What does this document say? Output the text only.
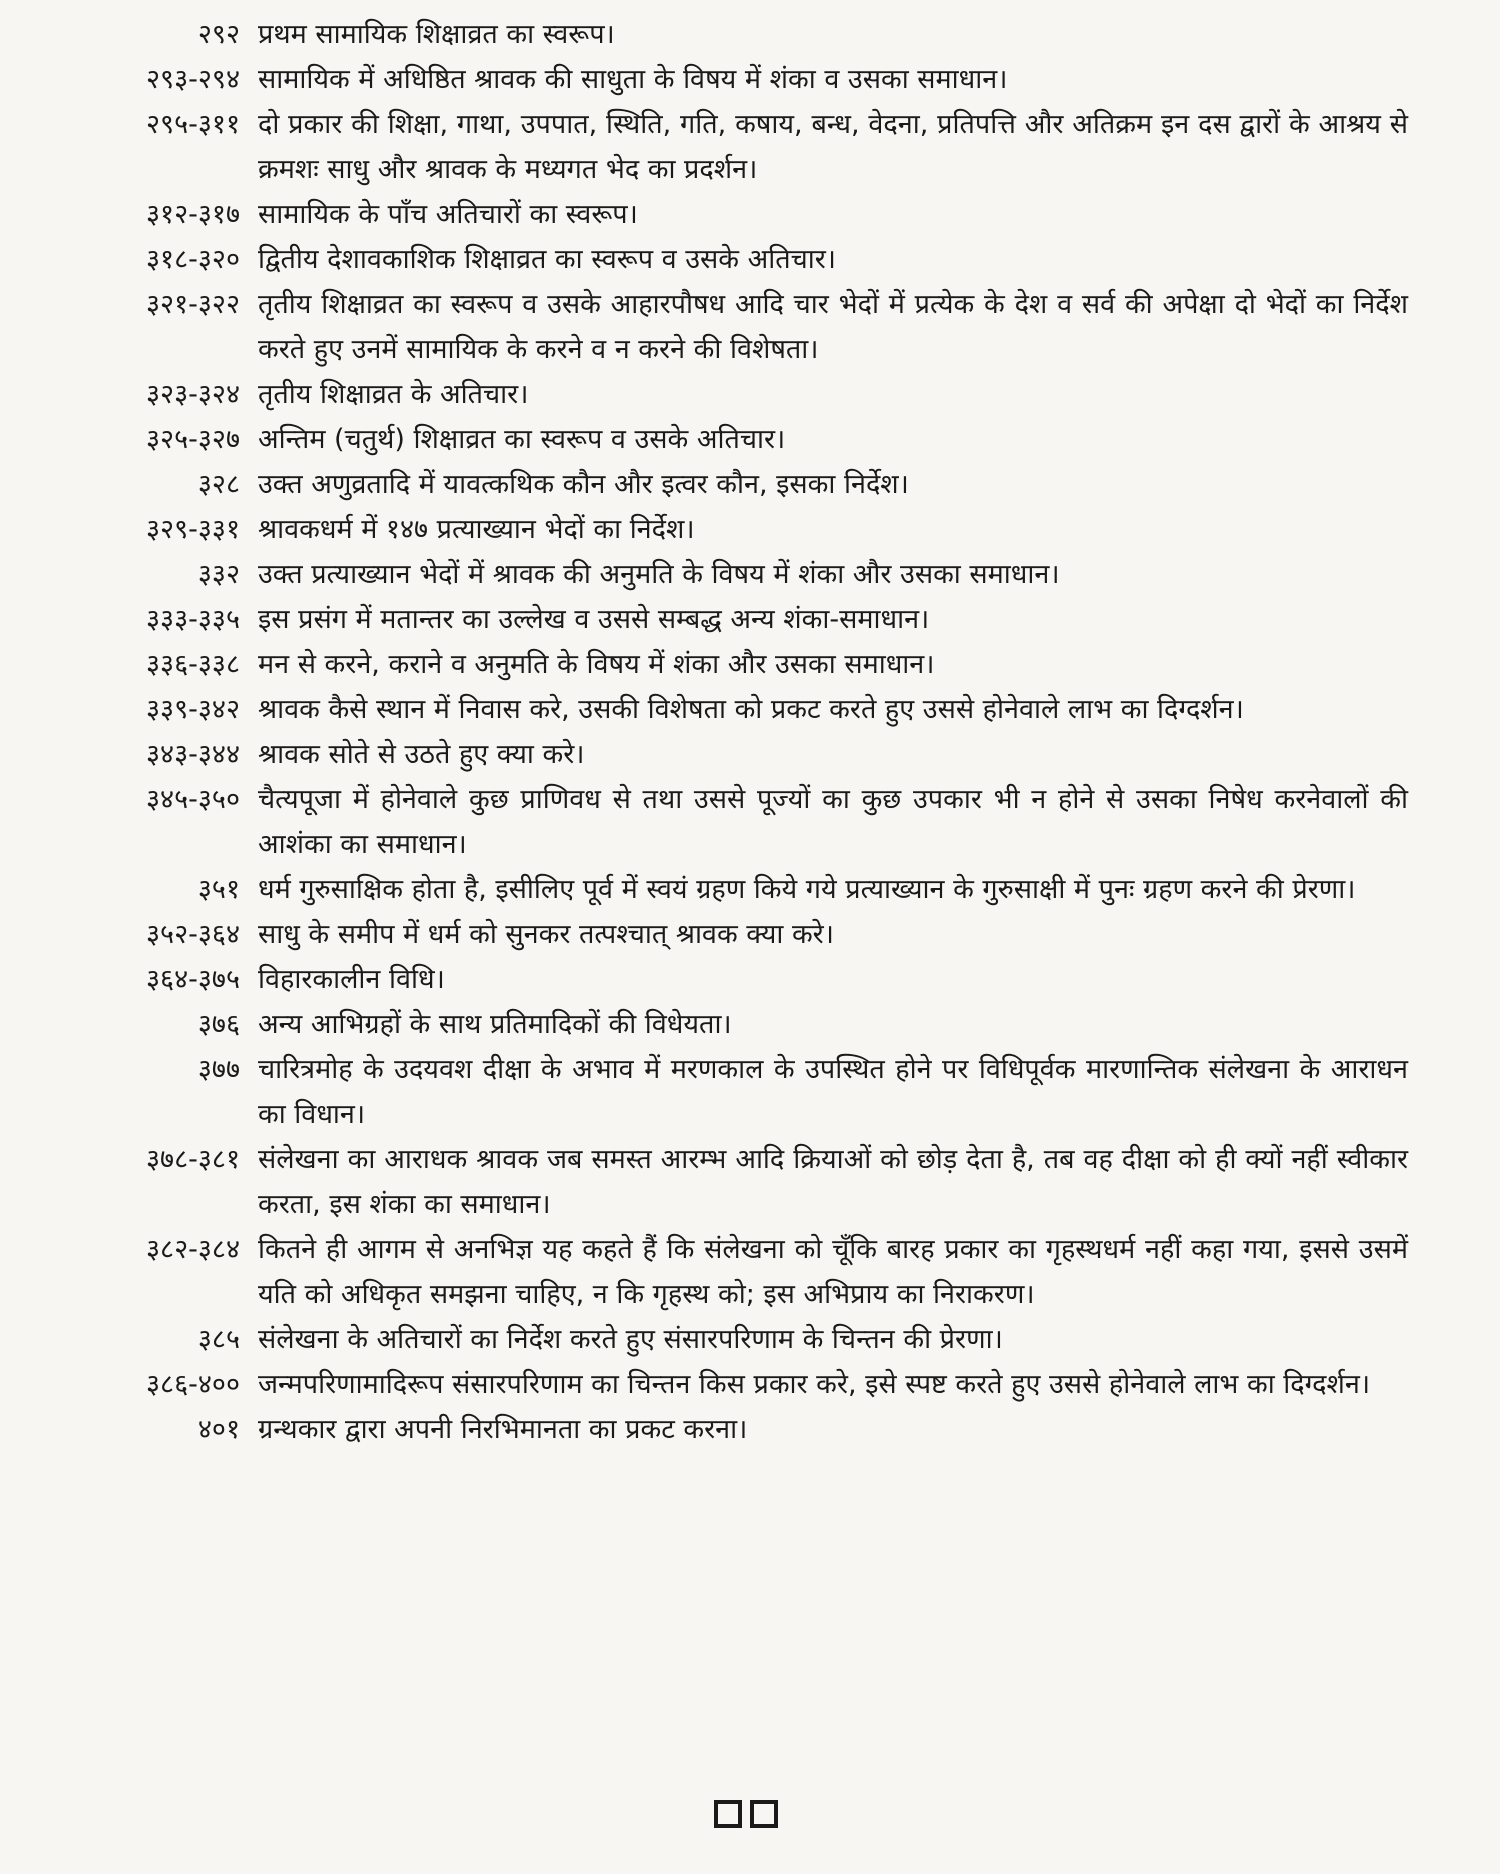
२९२ प्रथम सामायिक शिक्षाव्रत का स्वरूप।
२९३-२९४ सामायिक में अधिष्ठित श्रावक की साधुता के विषय में शंका व उसका समाधान।
२९५-३११ दो प्रकार की शिक्षा, गाथा, उपपात, स्थिति, गति, कषाय, बन्ध, वेदना, प्रतिपत्ति और अतिक्रम इन दस द्वारों के आश्रय से क्रमशः साधु और श्रावक के मध्यगत भेद का प्रदर्शन।
३१२-३१७ सामायिक के पाँच अतिचारों का स्वरूप।
३१८-३२० द्वितीय देशावकाशिक शिक्षाव्रत का स्वरूप व उसके अतिचार।
३२१-३२२ तृतीय शिक्षाव्रत का स्वरूप व उसके आहारपौषध आदि चार भेदों में प्रत्येक के देश व सर्व की अपेक्षा दो भेदों का निर्देश करते हुए उनमें सामायिक के करने व न करने की विशेषता।
३२३-३२४ तृतीय शिक्षाव्रत के अतिचार।
३२५-३२७ अन्तिम (चतुर्थ) शिक्षाव्रत का स्वरूप व उसके अतिचार।
३२८ उक्त अणुव्रतादि में यावत्कथिक कौन और इत्वर कौन, इसका निर्देश।
३२९-३३१ श्रावकधर्म में १४७ प्रत्याख्यान भेदों का निर्देश।
३३२ उक्त प्रत्याख्यान भेदों में श्रावक की अनुमति के विषय में शंका और उसका समाधान।
३३३-३३५ इस प्रसंग में मतान्तर का उल्लेख व उससे सम्बद्ध अन्य शंका-समाधान।
३३६-३३८ मन से करने, कराने व अनुमति के विषय में शंका और उसका समाधान।
३३९-३४२ श्रावक कैसे स्थान में निवास करे, उसकी विशेषता को प्रकट करते हुए उससे होनेवाले लाभ का दिग्दर्शन।
३४३-३४४ श्रावक सोते से उठते हुए क्या करे।
३४५-३५० चैत्यपूजा में होनेवाले कुछ प्राणिवध से तथा उससे पूज्यों का कुछ उपकार भी न होने से उसका निषेध करनेवालों की आशंका का समाधान।
३५१ धर्म गुरुसाक्षिक होता है, इसीलिए पूर्व में स्वयं ग्रहण किये गये प्रत्याख्यान के गुरुसाक्षी में पुनः ग्रहण करने की प्रेरणा।
३५२-३६४ साधु के समीप में धर्म को सुनकर तत्पश्चात् श्रावक क्या करे।
३६४-३७५ विहारकालीन विधि।
३७६ अन्य आभिग्रहों के साथ प्रतिमादिकों की विधेयता।
३७७ चारित्रमोह के उदयवश दीक्षा के अभाव में मरणकाल के उपस्थित होने पर विधिपूर्वक मारणान्तिक संलेखना के आराधन का विधान।
३७८-३८१ संलेखना का आराधक श्रावक जब समस्त आरम्भ आदि क्रियाओं को छोड़ देता है, तब वह दीक्षा को ही क्यों नहीं स्वीकार करता, इस शंका का समाधान।
३८२-३८४ कितने ही आगम से अनभिज्ञ यह कहते हैं कि संलेखना को चूँकि बारह प्रकार का गृहस्थधर्म नहीं कहा गया, इससे उसमें यति को अधिकृत समझना चाहिए, न कि गृहस्थ को; इस अभिप्राय का निराकरण।
३८५ संलेखना के अतिचारों का निर्देश करते हुए संसारपरिणाम के चिन्तन की प्रेरणा।
३८६-४०० जन्मपरिणामादिरूप संसारपरिणाम का चिन्तन किस प्रकार करे, इसे स्पष्ट करते हुए उससे होनेवाले लाभ का दिग्दर्शन।
४०१ ग्रन्थकार द्वारा अपनी निरभिमानता का प्रकट करना।
